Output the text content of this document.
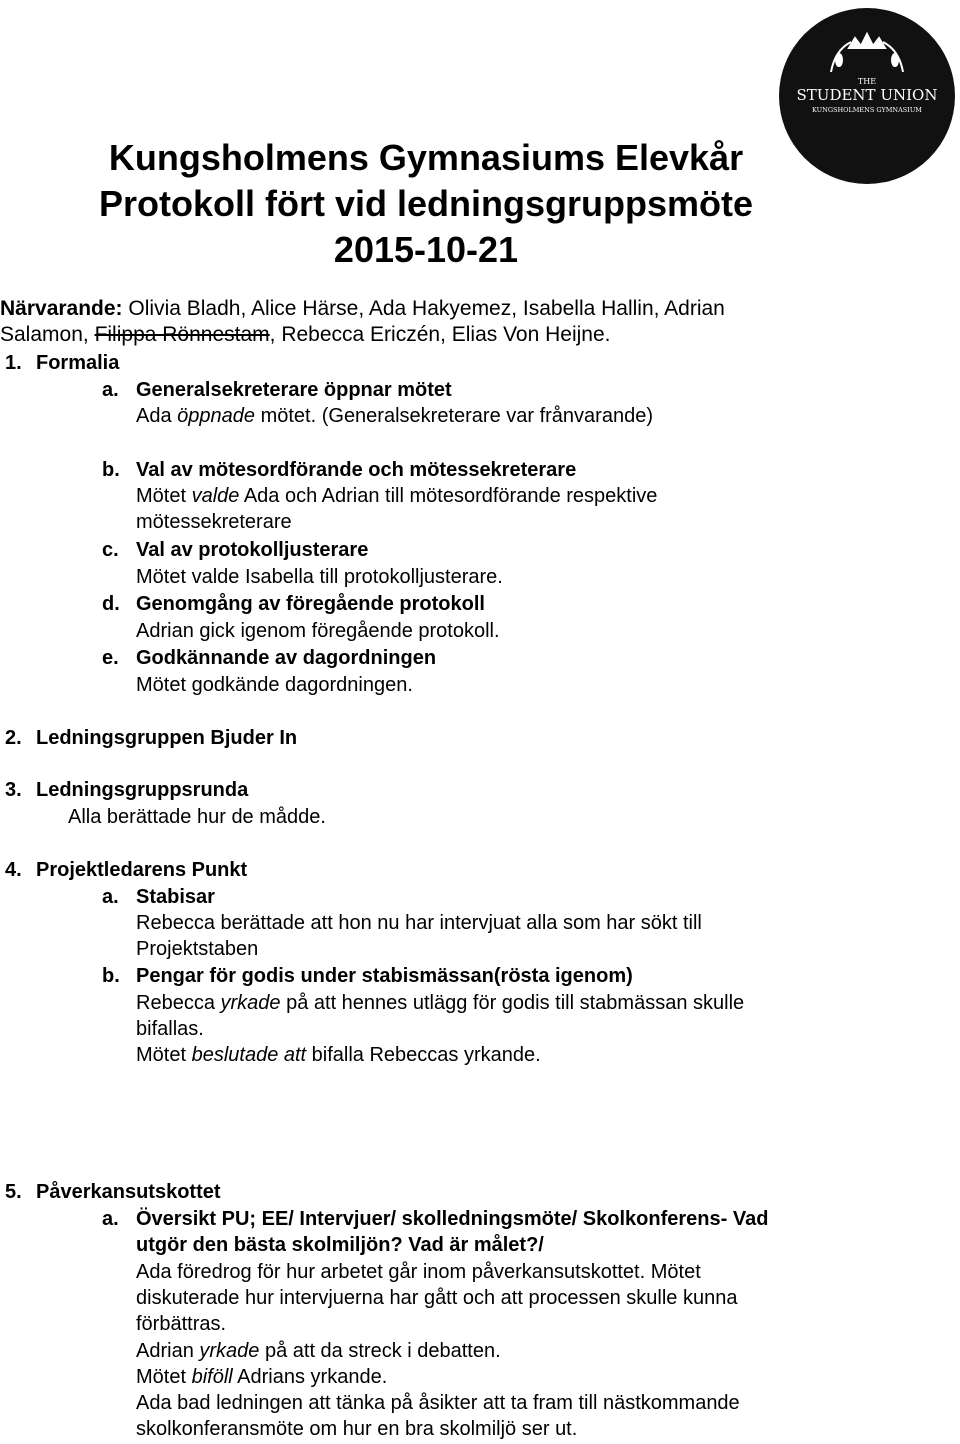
THE
STUDENT UNION
KUNGSHOLMENS GYMNASIUM
Kungsholmens Gymnasiums Elevkår
Protokoll fört vid ledningsgruppsmöte
2015-10-21
Närvarande: Olivia Bladh, Alice Härse, Ada Hakyemez, Isabella Hallin, Adrian
Salamon, Filippa Rönnestam, Rebecca Ericzén, Elias Von Heijne.
1. Formalia
a. Generalsekreterare öppnar mötet
Ada öppnade mötet. (Generalsekreterare var frånvarande)
b. Val av mötesordförande och mötessekreterare
Mötet valde Ada och Adrian till mötesordförande respektive
mötessekreterare
c. Val av protokolljusterare
Mötet valde Isabella till protokolljusterare.
d. Genomgång av föregående protokoll
Adrian gick igenom föregående protokoll.
e. Godkännande av dagordningen
Mötet godkände dagordningen.
2. Ledningsgruppen Bjuder In
3. Ledningsgruppsrunda
Alla berättade hur de mådde.
4. Projektledarens Punkt
a. Stabisar
Rebecca berättade att hon nu har intervjuat alla som har sökt till
Projektstaben
b. Pengar för godis under stabismässan(rösta igenom)
Rebecca yrkade på att hennes utlägg för godis till stabmässan skulle
bifallas.
Mötet beslutade att bifalla Rebeccas yrkande.
5. Påverkansutskottet
a. Översikt PU; EE/ Intervjuer/ skolledningsmöte/ Skolkonferens- Vad
utgör den bästa skolmiljön? Vad är målet?/
Ada föredrog för hur arbetet går inom påverkansutskottet. Mötet
diskuterade hur intervjuerna har gått och att processen skulle kunna
förbättras.
Adrian yrkade på att da streck i debatten.
Mötet biföll Adrians yrkande.
Ada bad ledningen att tänka på åsikter att ta fram till nästkommande
skolkonferansmöte om hur en bra skolmiljö ser ut.
